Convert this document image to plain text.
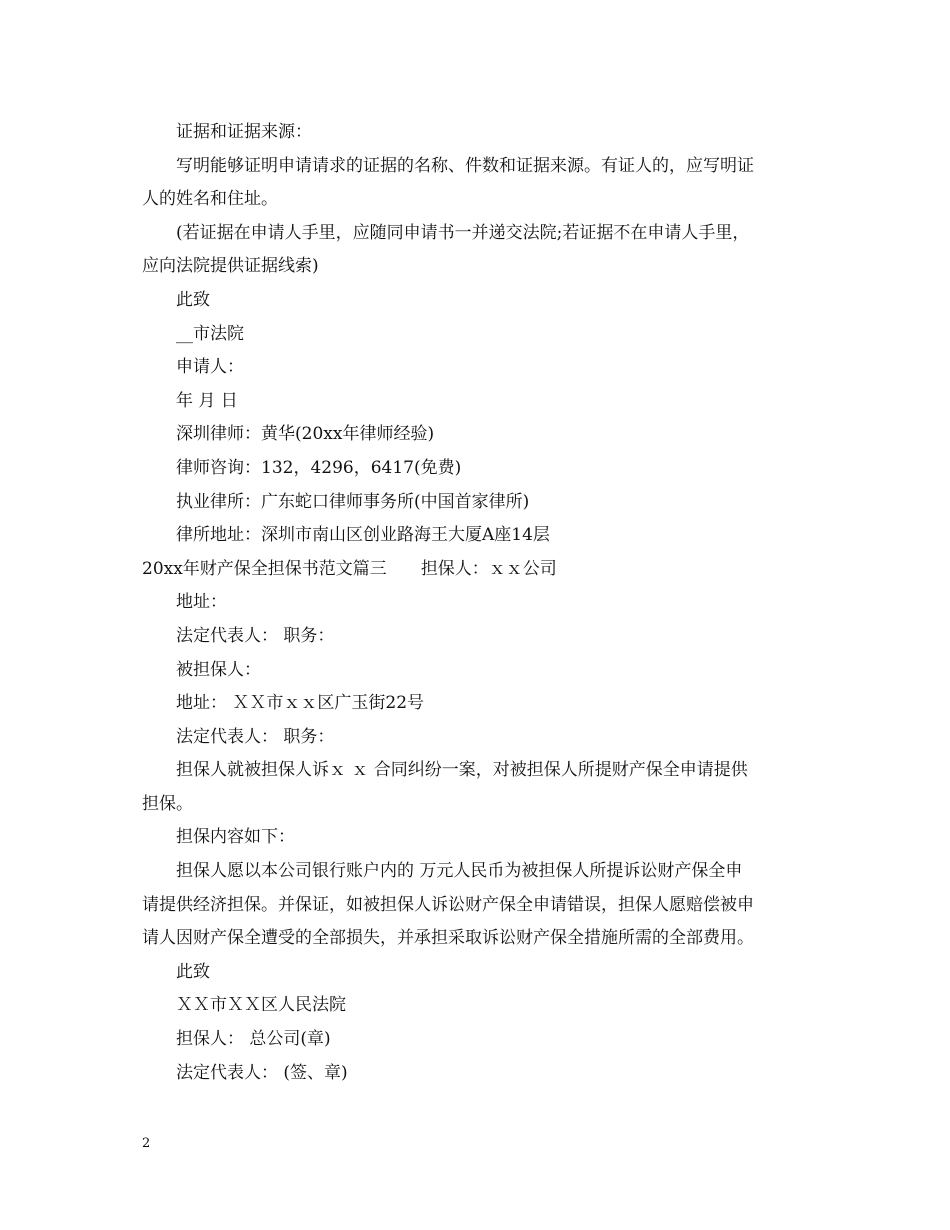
证据和证据来源：
写明能够证明申请请求的证据的名称、件数和证据来源。有证人的，应写明证
人的姓名和住址。
(若证据在申请人手里，应随同申请书一并递交法院;若证据不在申请人手里，
应向法院提供证据线索)
此致
__市法院
申请人：
年 月 日
深圳律师：黄华(20xx年律师经验)
律师咨询：132，4296，6417(免费)
执业律所：广东蛇口律师事务所(中国首家律所)
律所地址：深圳市南山区创业路海王大厦A座14层
20xx年财产保全担保书范文篇三 担保人：ｘｘ公司
地址：
法定代表人： 职务：
被担保人：
地址： ＸＸ市ｘｘ区广玉街22号
法定代表人： 职务：
担保人就被担保人诉ｘ ｘ 合同纠纷一案，对被担保人所提财产保全申请提供
担保。
担保内容如下：
担保人愿以本公司银行账户内的 万元人民币为被担保人所提诉讼财产保全申
请提供经济担保。并保证，如被担保人诉讼财产保全申请错误，担保人愿赔偿被申
请人因财产保全遭受的全部损失，并承担采取诉讼财产保全措施所需的全部费用。
此致
ＸＸ市ＸＸ区人民法院
担保人： 总公司(章)
法定代表人： (签、章)
2
